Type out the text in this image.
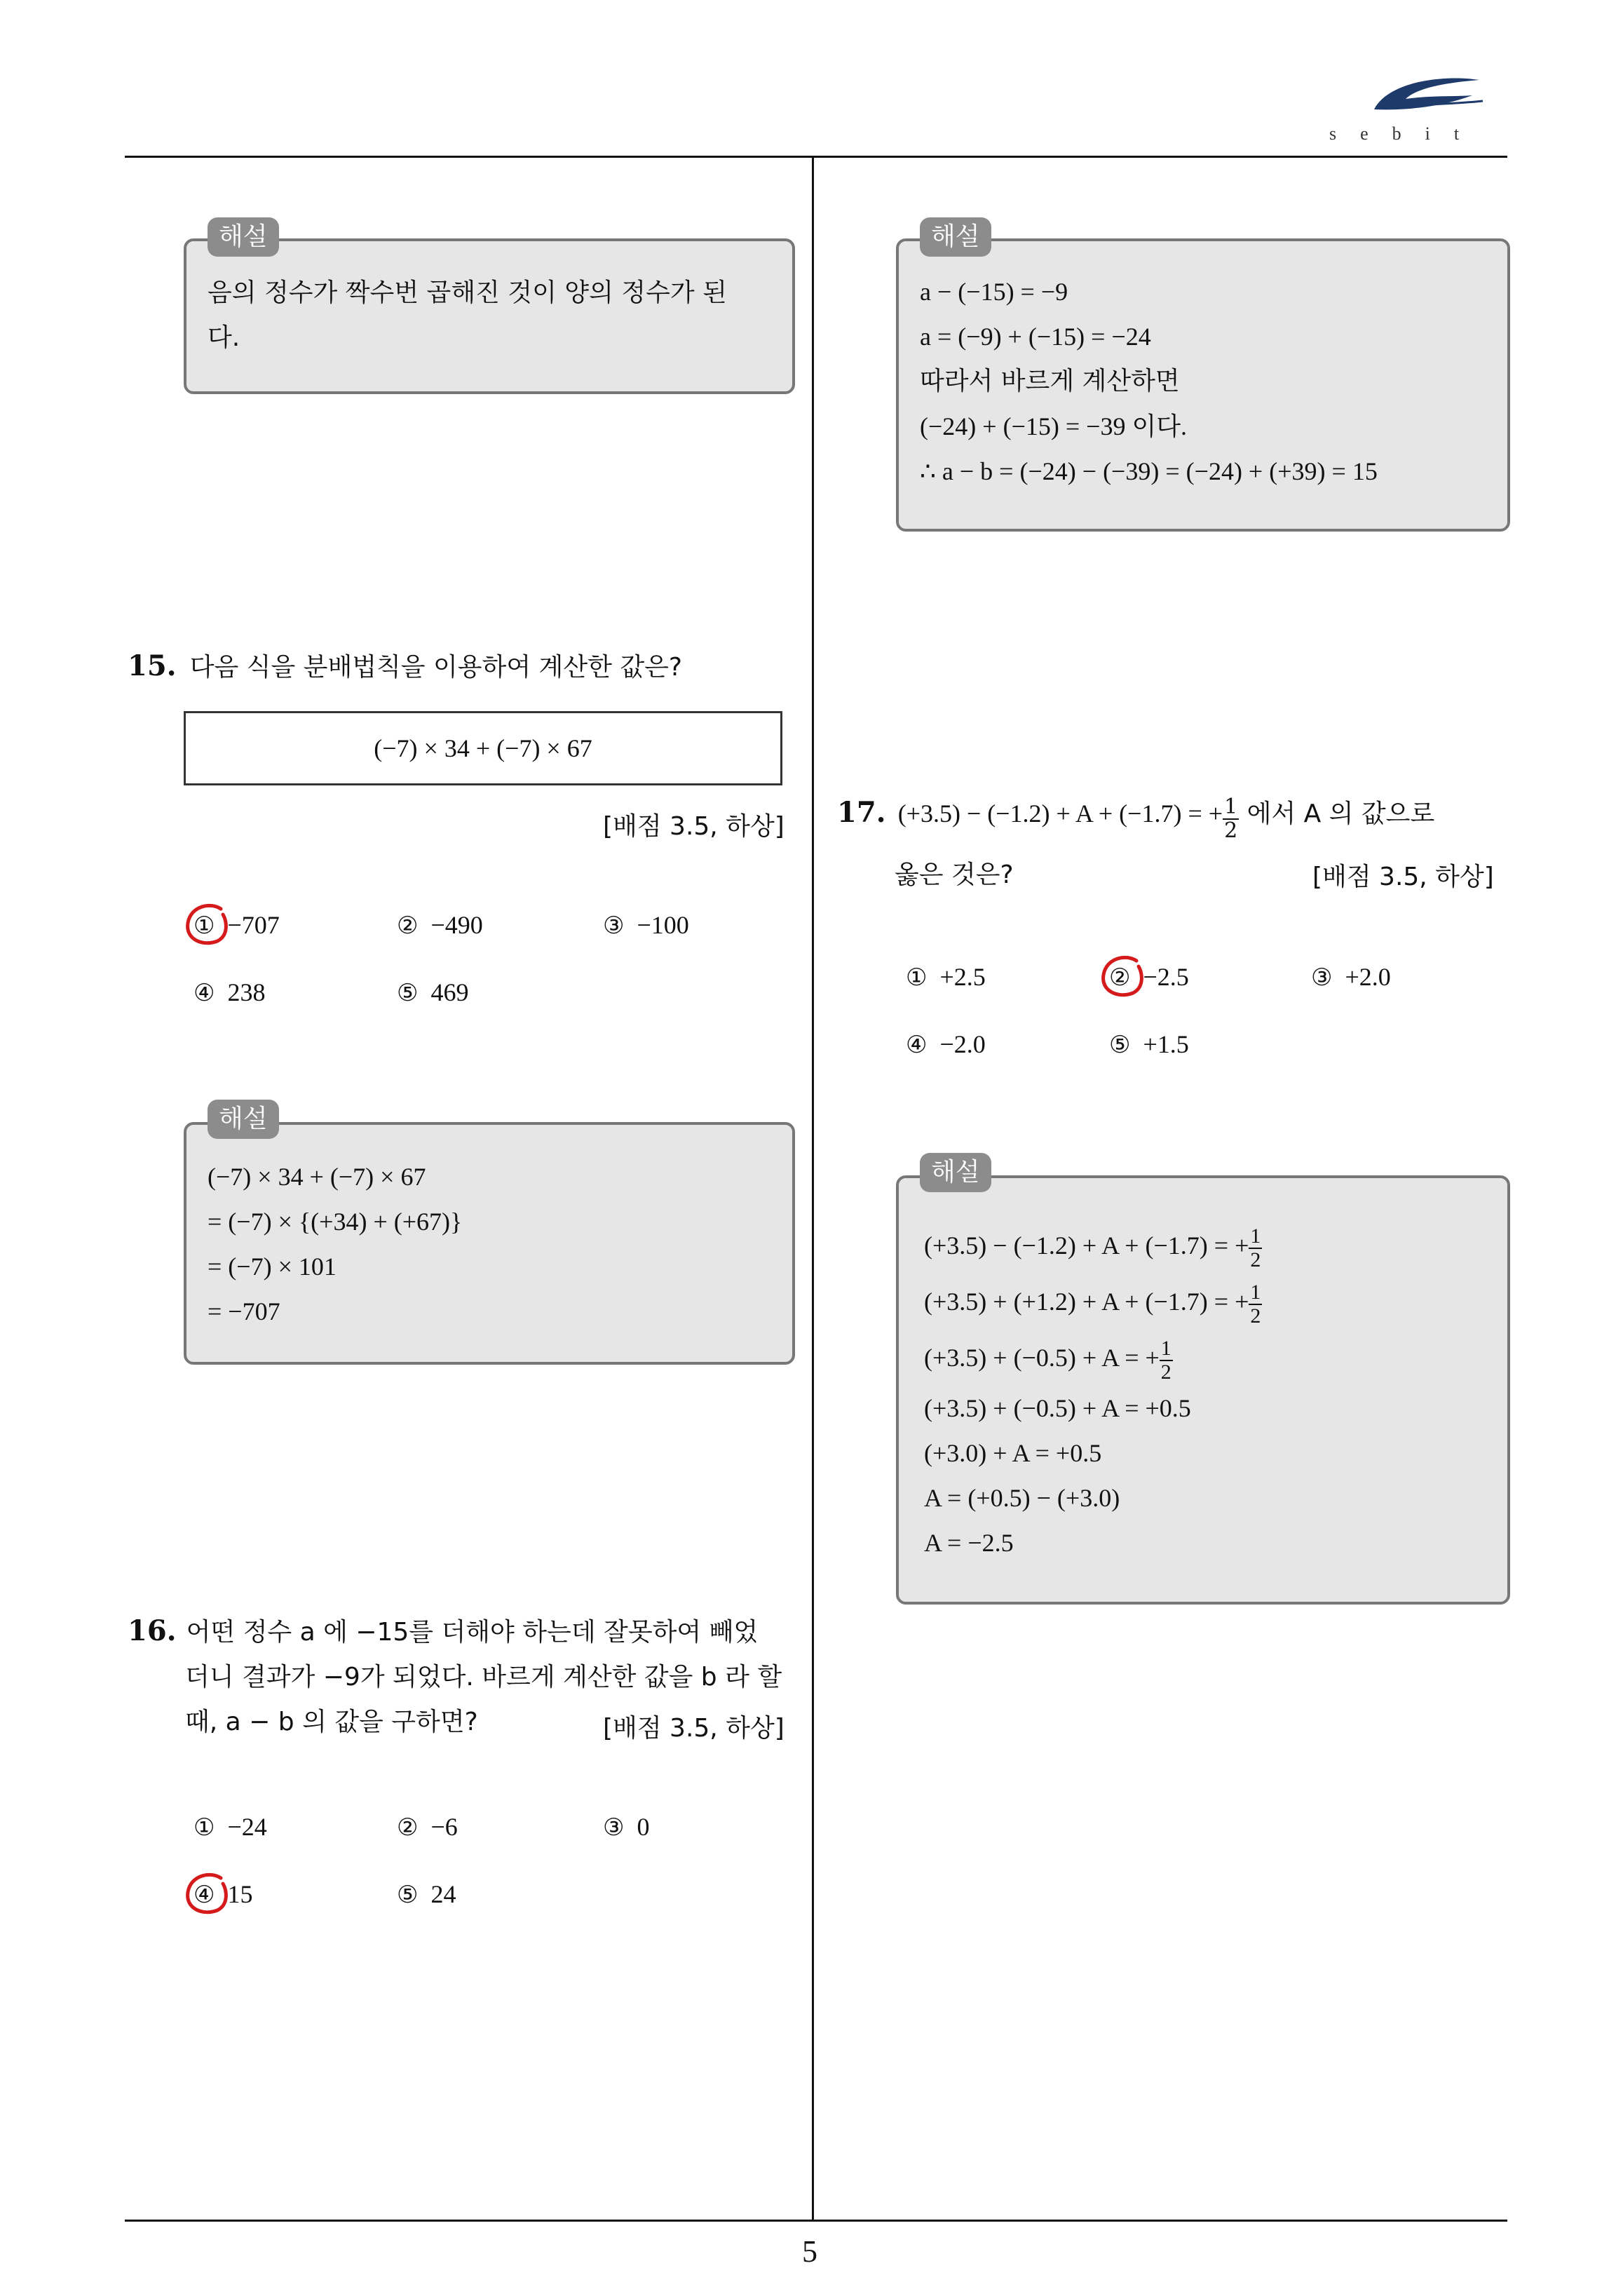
sebit
5
음의 정수가 짝수번 곱해진 것이 양의 정수가 된
다.
해설
15. 다음 식을 분배법칙을 이용하여 계산한 값은?
(−7) × 34 + (−7) × 67
[배점 3.5, 하상]
① −707	② −490	③ −100
④ 238	⑤ 469
(−7) × 34 + (−7) × 67
= (−7) × {(+34) + (+67)}
= (−7) × 101
= −707
해설
16. 어떤 정수 a 에 −15를 더해야 하는데 잘못하여 빼었
더니 결과가 −9가 되었다. 바르게 계산한 값을 b 라 할
때, a − b 의 값을 구하면?	[배점 3.5, 하상]
① −24	② −6	③ 0
④ 15	⑤ 24
a − (−15) = −9
a = (−9) + (−15) = −24
따라서 바르게 계산하면
(−24) + (−15) = −39 이다.
∴ a − b = (−24) − (−39) = (−24) + (+39) = 15
해설
17. (+3.5) − (−1.2) + A + (−1.7) = + $\frac{1}{2}$ 에서 A 의 값으로
옳은 것은?	[배점 3.5, 하상]
① +2.5	② −2.5	③ +2.0
④ −2.0	⑤ +1.5
(+3.5) − (−1.2) + A + (−1.7) = + $\frac{1}{2}$
(+3.5) + (+1.2) + A + (−1.7) = + $\frac{1}{2}$
(+3.5) + (−0.5) + A = + $\frac{1}{2}$
(+3.5) + (−0.5) + A = +0.5
(+3.0) + A = +0.5
A = (+0.5) − (+3.0)
A = −2.5
해설
